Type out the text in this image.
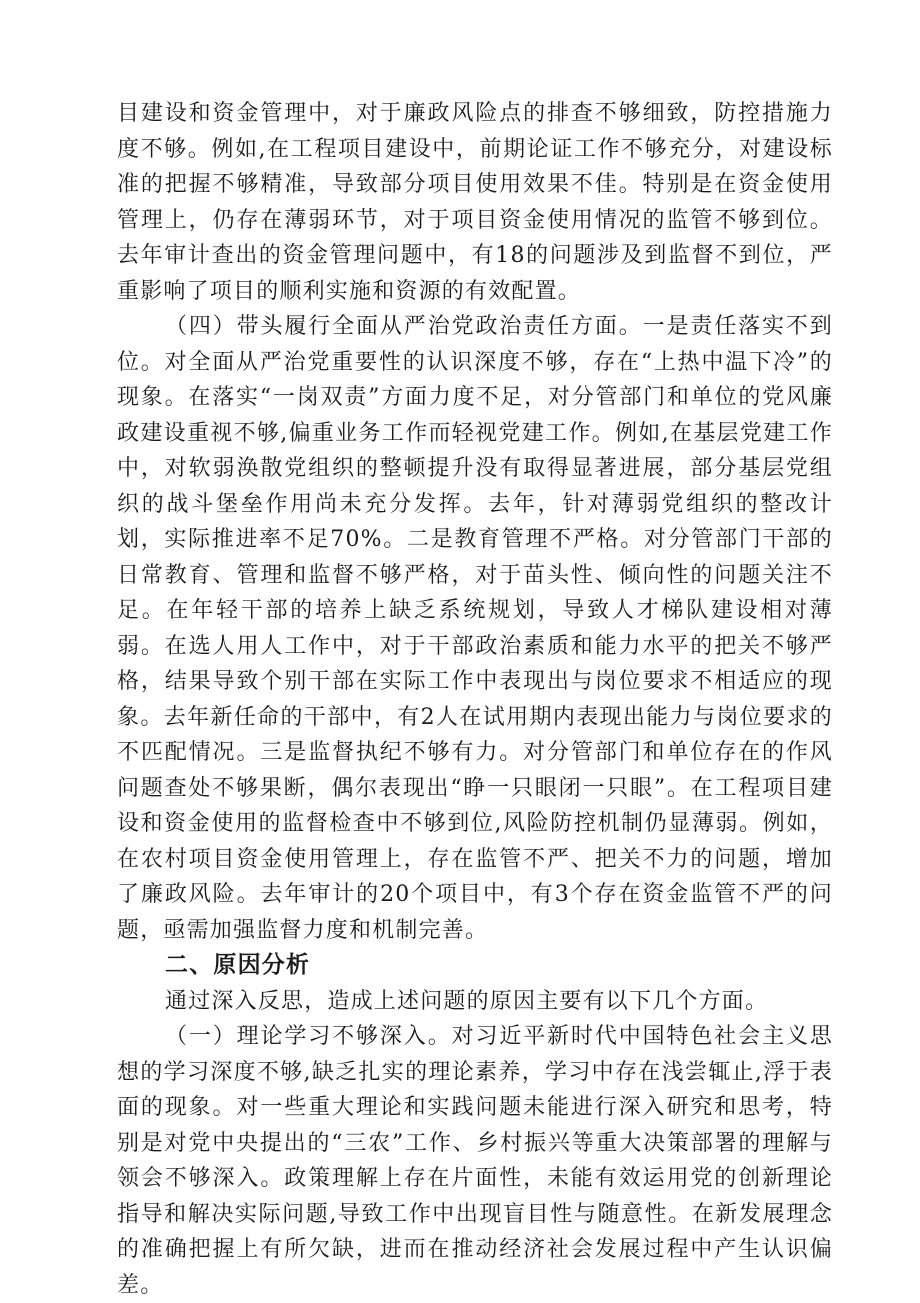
目建设和资金管理中，对于廉政风险点的排查不够细致，防控措施力度不够。例如,在工程项目建设中，前期论证工作不够充分，对建设标准的把握不够精准，导致部分项目使用效果不佳。特别是在资金使用管理上，仍存在薄弱环节，对于项目资金使用情况的监管不够到位。去年审计查出的资金管理问题中，有18的问题涉及到监督不到位，严重影响了项目的顺利实施和资源的有效配置。

（四）带头履行全面从严治党政治责任方面。一是责任落实不到位。对全面从严治党重要性的认识深度不够，存在“上热中温下冷”的现象。在落实“一岗双责”方面力度不足，对分管部门和单位的党风廉政建设重视不够,偏重业务工作而轻视党建工作。例如,在基层党建工作中，对软弱涣散党组织的整顿提升没有取得显著进展，部分基层党组织的战斗堡垒作用尚未充分发挥。去年，针对薄弱党组织的整改计划，实际推进率不足70%。二是教育管理不严格。对分管部门干部的日常教育、管理和监督不够严格，对于苗头性、倾向性的问题关注不足。在年轻干部的培养上缺乏系统规划，导致人才梯队建设相对薄弱。在选人用人工作中，对于干部政治素质和能力水平的把关不够严格，结果导致个别干部在实际工作中表现出与岗位要求不相适应的现象。去年新任命的干部中，有2人在试用期内表现出能力与岗位要求的不匹配情况。三是监督执纪不够有力。对分管部门和单位存在的作风问题查处不够果断，偶尔表现出“睁一只眼闭一只眼”。在工程项目建设和资金使用的监督检查中不够到位,风险防控机制仍显薄弱。例如，在农村项目资金使用管理上，存在监管不严、把关不力的问题，增加了廉政风险。去年审计的20个项目中，有3个存在资金监管不严的问题，亟需加强监督力度和机制完善。

二、原因分析

通过深入反思，造成上述问题的原因主要有以下几个方面。

（一）理论学习不够深入。对习近平新时代中国特色社会主义思想的学习深度不够,缺乏扎实的理论素养，学习中存在浅尝辄止,浮于表面的现象。对一些重大理论和实践问题未能进行深入研究和思考，特别是对党中央提出的“三农”工作、乡村振兴等重大决策部署的理解与领会不够深入。政策理解上存在片面性，未能有效运用党的创新理论指导和解决实际问题,导致工作中出现盲目性与随意性。在新发展理念的准确把握上有所欠缺，进而在推动经济社会发展过程中产生认识偏差。
